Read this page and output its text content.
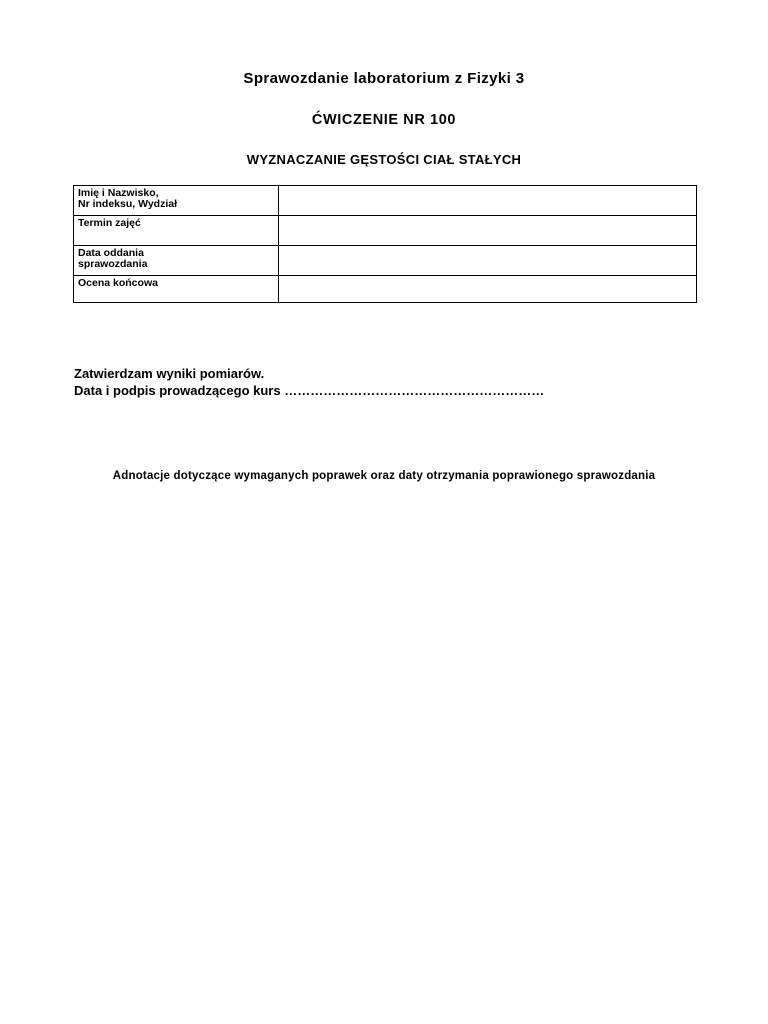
Sprawozdanie laboratorium z Fizyki 3
ĆWICZENIE NR 100
WYZNACZANIE GĘSTOŚCI CIAŁ STAŁYCH
Imię i Nazwisko,
Nr indeksu, Wydział	

Termin zajęć	

Data oddania
sprawozdania	

Ocena końcowa	

Zatwierdzam wyniki pomiarów.
Data i podpis prowadzącego kurs ……………………………………………………
Adnotacje dotyczące wymaganych poprawek oraz daty otrzymania poprawionego sprawozdania
